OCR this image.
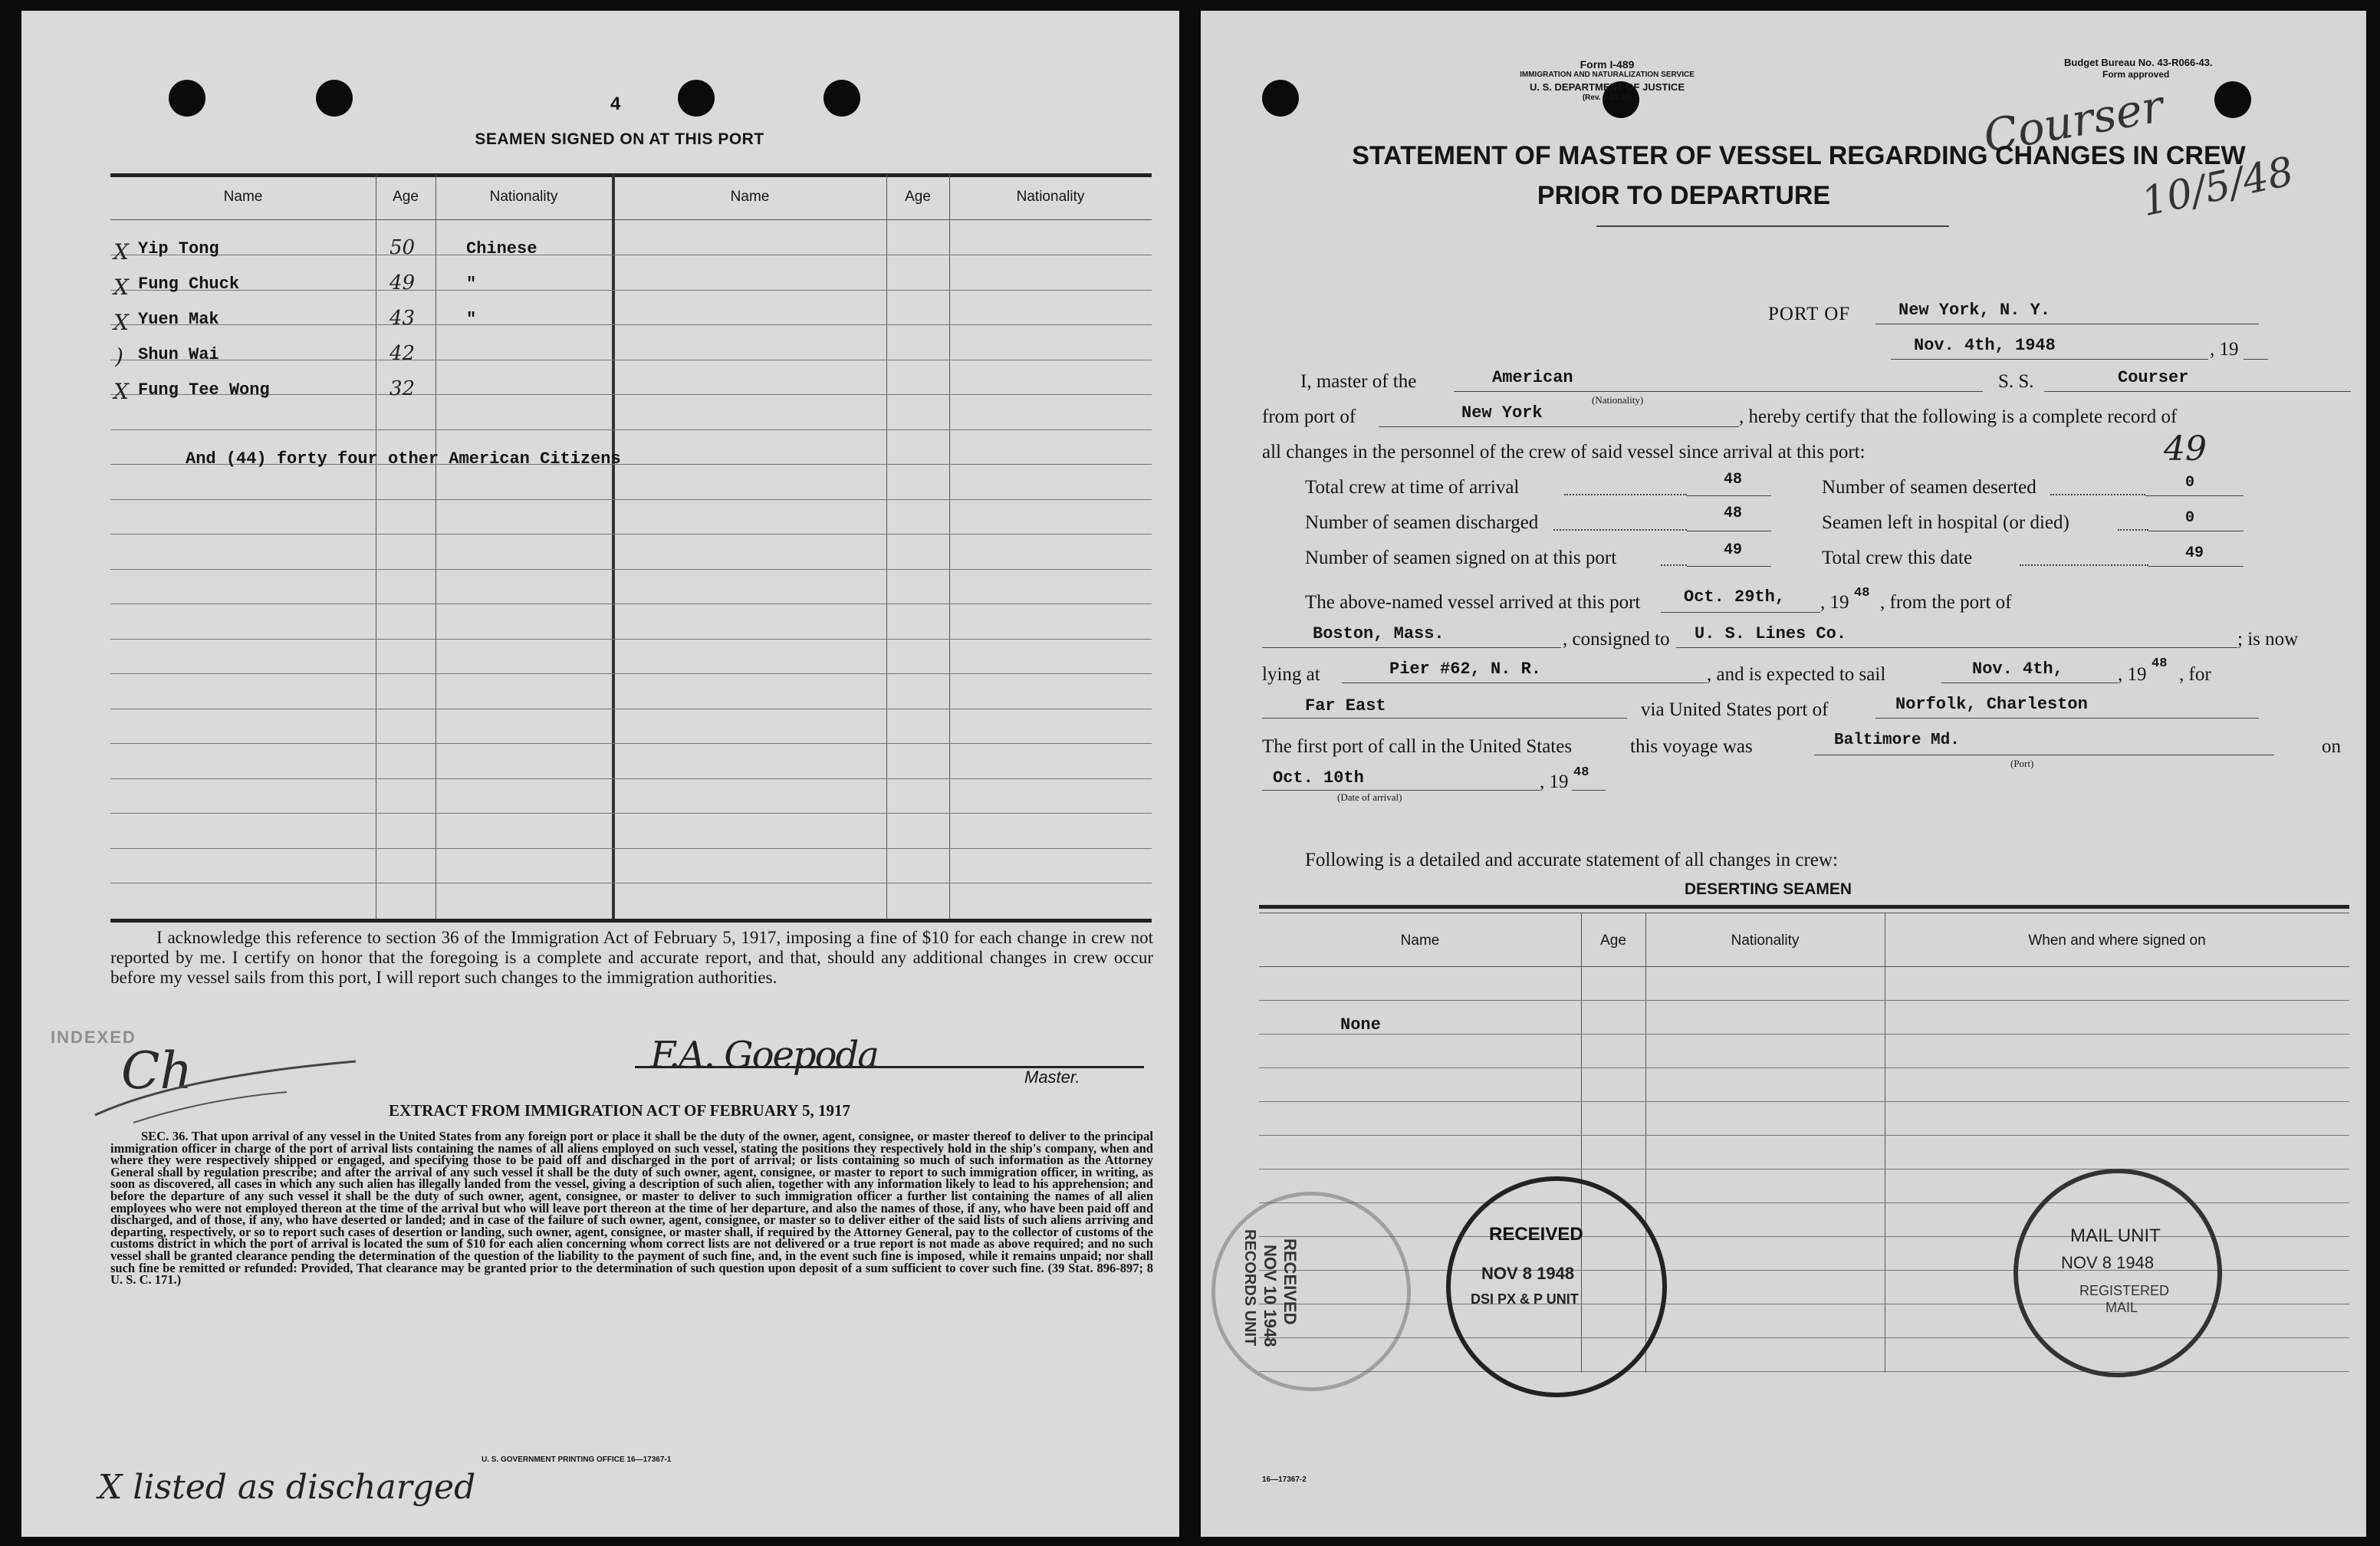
4
SEAMEN SIGNED ON AT THIS PORT
Name	Age	Nationality	Name	Age	Nationality
X Yip Tong	50	Chinese
X Fung Chuck	49	"
X Yuen Mak	43	"
) Shun Wai	42
X Fung Tee Wong	32
And (44) forty four other American Citizens
I acknowledge this reference to section 36 of the Immigration Act of February 5, 1917, imposing a fine of $10 for each change in crew not reported by me. I certify on honor that the foregoing is a complete and accurate report, and that, should any additional changes in crew occur before my vessel sails from this port, I will report such changes to the immigration authorities.
INDEXED
Ch	F.A. Goepoda
Master.
EXTRACT FROM IMMIGRATION ACT OF FEBRUARY 5, 1917
SEC. 36. That upon arrival of any vessel in the United States from any foreign port or place it shall be the duty of the owner, agent, consignee, or master thereof to deliver to the principal immigration officer in charge of the port of arrival lists containing the names of all aliens employed on such vessel, stating the positions they respectively hold in the ship's company, when and where they were respectively shipped or engaged, and specifying those to be paid off and discharged in the port of arrival; or lists containing so much of such information as the Attorney General shall by regulation prescribe; and after the arrival of any such vessel it shall be the duty of such owner, agent, consignee, or master to report to such immigration officer, in writing, as soon as discovered, all cases in which any such alien has illegally landed from the vessel, giving a description of such alien, together with any information likely to lead to his apprehension; and before the departure of any such vessel it shall be the duty of such owner, agent, consignee, or master to deliver to such immigration officer a further list containing the names of all alien employees who were not employed thereon at the time of the arrival but who will leave port thereon at the time of her departure, and also the names of those, if any, who have been paid off and discharged, and of those, if any, who have deserted or landed; and in case of the failure of such owner, agent, consignee, or master so to deliver either of the said lists of such aliens arriving and departing, respectively, or so to report such cases of desertion or landing, such owner, agent, consignee, or master shall, if required by the Attorney General, pay to the collector of customs of the customs district in which the port of arrival is located the sum of $10 for each alien concerning whom correct lists are not delivered or a true report is not made as above required; and no such vessel shall be granted clearance pending the determination of the question of the liability to the payment of such fine, and, in the event such fine is imposed, while it remains unpaid; nor shall such fine be remitted or refunded: Provided, That clearance may be granted prior to the determination of such question upon deposit of a sum sufficient to cover such fine. (39 Stat. 896-897; 8 U. S. C. 171.)
U. S. GOVERNMENT PRINTING OFFICE 16—17367-1
X listed as discharged
Form I-489
IMMIGRATION AND NATURALIZATION SERVICE
U. S. DEPARTMENT OF JUSTICE
(Rev. 3-23-45)
Budget Bureau No. 43-R066-43.
Form approved
Courser
10/5/48
STATEMENT OF MASTER OF VESSEL REGARDING CHANGES IN CREW
PRIOR TO DEPARTURE
PORT OF	New York, N. Y.
Nov. 4th, 1948	, 19
I, master of the	American
(Nationality)
S. S.	Courser
from port of	New York	, hereby certify that the following is a complete record of
all changes in the personnel of the crew of said vessel since arrival at this port:	49
Total crew at time of arrival	48	Number of seamen deserted	0
Number of seamen discharged	48	Seamen left in hospital (or died)	0
Number of seamen signed on at this port	49	Total crew this date	49
The above-named vessel arrived at this port	Oct. 29th, , 19 48 , from the port of
Boston, Mass.	, consigned to U. S. Lines Co.	; is now
lying at	Pier #62, N. R.	, and is expected to sail	Nov. 4th,	, 19
48
, for
Far East	via United States port of	Norfolk, Charleston
The first port of call in the United States	this voyage was	Baltimore Md.
(Port)
on
Oct. 10th
(Date of arrival)
, 19 48
Following is a detailed and accurate statement of all changes in crew:
DESERTING SEAMEN
Name	Age	Nationality	When and where signed on
None
RECEIVED
NOV 10 1948
RECORDS UNIT	RECEIVED
NOV 8 1948
DSI PX & P UNIT
MAIL UNIT
NOV 8 1948
REGISTERED MAIL
16—17367-2
